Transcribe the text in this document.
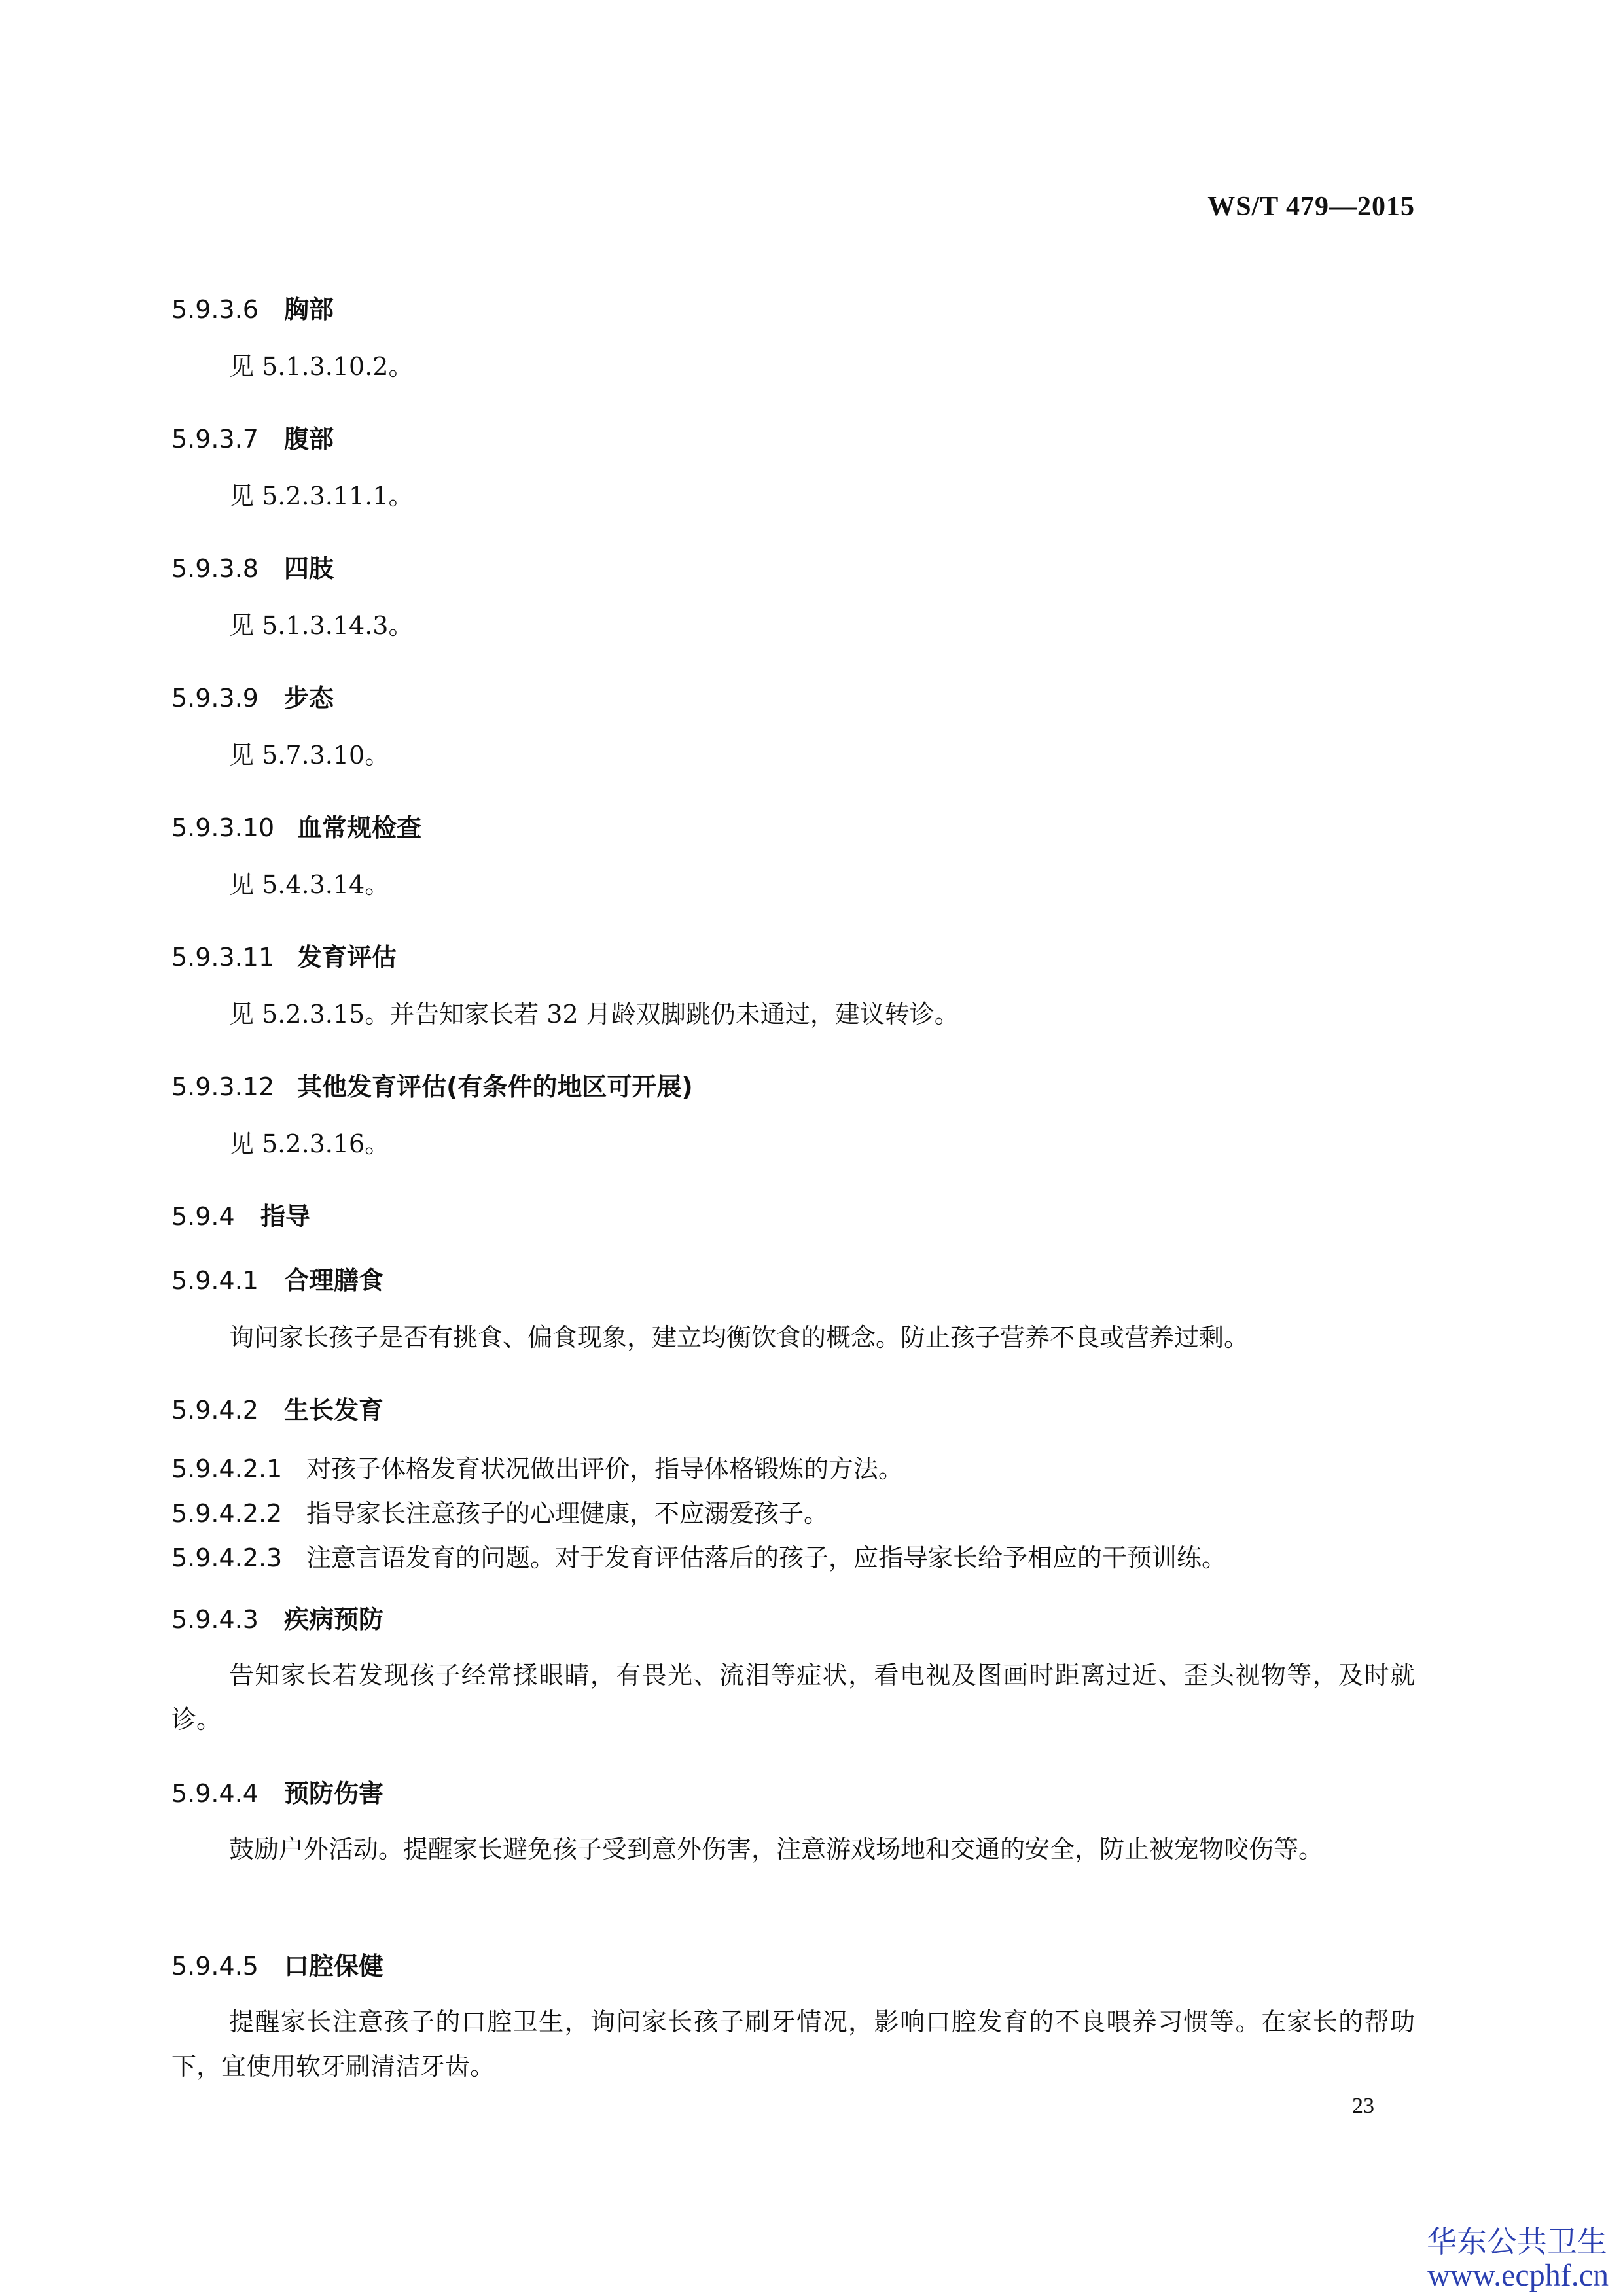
WS/T 479—2015
5.9.3.6 胸部
见 5.1.3.10.2。
5.9.3.7 腹部
见 5.2.3.11.1。
5.9.3.8 四肢
见 5.1.3.14.3。
5.9.3.9 步态
见 5.7.3.10。
5.9.3.10 血常规检查
见 5.4.3.14。
5.9.3.11 发育评估
见 5.2.3.15。并告知家长若 32 月龄双脚跳仍未通过，建议转诊。
5.9.3.12 其他发育评估(有条件的地区可开展)
见 5.2.3.16。
5.9.4 指导
5.9.4.1 合理膳食
询问家长孩子是否有挑食、偏食现象，建立均衡饮食的概念。防止孩子营养不良或营养过剩。
5.9.4.2 生长发育
5.9.4.2.1 对孩子体格发育状况做出评价，指导体格锻炼的方法。
5.9.4.2.2 指导家长注意孩子的心理健康，不应溺爱孩子。
5.9.4.2.3 注意言语发育的问题。对于发育评估落后的孩子，应指导家长给予相应的干预训练。
5.9.4.3 疾病预防
告知家长若发现孩子经常揉眼睛，有畏光、流泪等症状，看电视及图画时距离过近、歪头视物等，及时就诊。
5.9.4.4 预防伤害
鼓励户外活动。提醒家长避免孩子受到意外伤害，注意游戏场地和交通的安全，防止被宠物咬伤等。
5.9.4.5 口腔保健
提醒家长注意孩子的口腔卫生，询问家长孩子刷牙情况，影响口腔发育的不良喂养习惯等。在家长的帮助下，宜使用软牙刷清洁牙齿。
23
华东公共卫生
www.ecphf.cn
